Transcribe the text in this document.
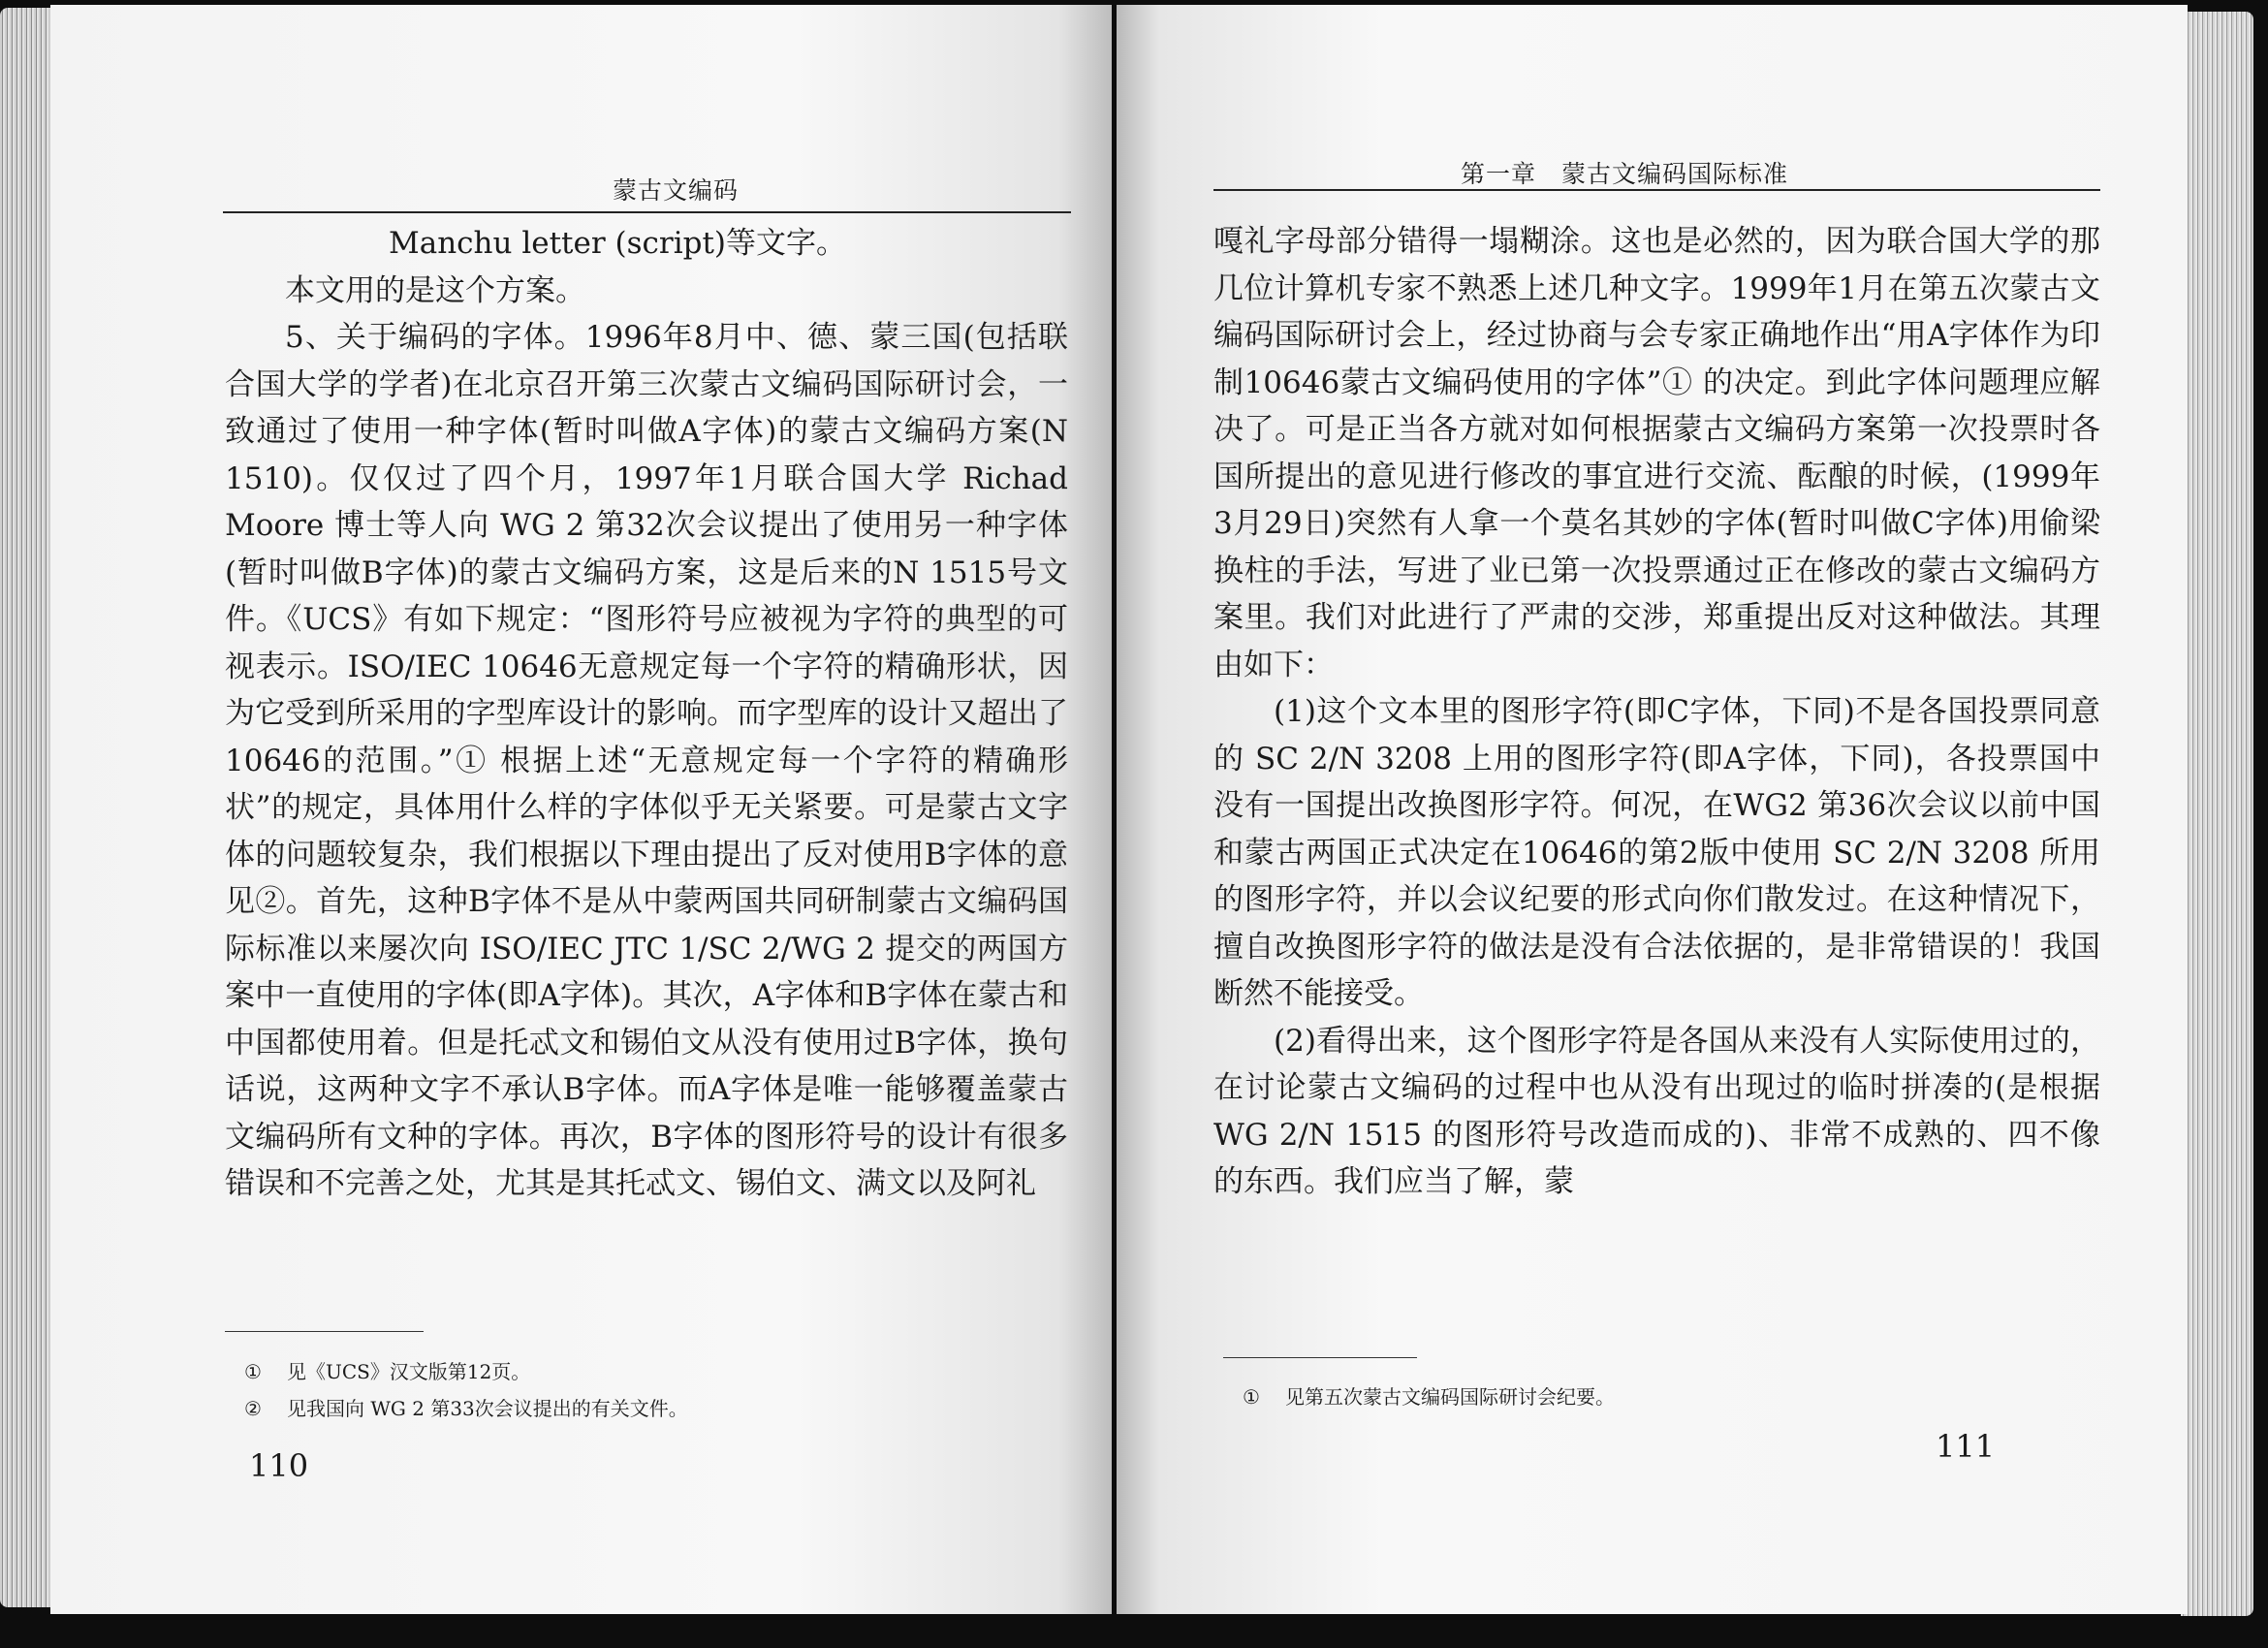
蒙古文编码

Manchu letter (script)等文字。

本文用的是这个方案。

5、关于编码的字体。1996年8月中、德、蒙三国(包括联合国大学的学者)在北京召开第三次蒙古文编码国际研讨会，一致通过了使用一种字体(暂时叫做A字体)的蒙古文编码方案(N 1510)。仅仅过了四个月，1997年1月联合国大学 Richad Moore 博士等人向 WG 2 第32次会议提出了使用另一种字体(暂时叫做B字体)的蒙古文编码方案，这是后来的N 1515号文件。《UCS》有如下规定：“图形符号应被视为字符的典型的可视表示。ISO/IEC 10646无意规定每一个字符的精确形状，因为它受到所采用的字型库设计的影响。而字型库的设计又超出了10646的范围。”① 根据上述“无意规定每一个字符的精确形状”的规定，具体用什么样的字体似乎无关紧要。可是蒙古文字体的问题较复杂，我们根据以下理由提出了反对使用B字体的意见②。首先，这种B字体不是从中蒙两国共同研制蒙古文编码国际标准以来屡次向 ISO/IEC JTC 1/SC 2/WG 2 提交的两国方案中一直使用的字体(即A字体)。其次，A字体和B字体在蒙古和中国都使用着。但是托忒文和锡伯文从没有使用过B字体，换句话说，这两种文字不承认B字体。而A字体是唯一能够覆盖蒙古文编码所有文种的字体。再次，B字体的图形符号的设计有很多错误和不完善之处，尤其是其托忒文、锡伯文、满文以及阿礼

① 见《UCS》汉文版第12页。
② 见我国向 WG 2 第33次会议提出的有关文件。
110
第一章　蒙古文编码国际标准

嘎礼字母部分错得一塌糊涂。这也是必然的，因为联合国大学的那几位计算机专家不熟悉上述几种文字。1999年1月在第五次蒙古文编码国际研讨会上，经过协商与会专家正确地作出“用A字体作为印制10646蒙古文编码使用的字体”① 的决定。到此字体问题理应解决了。可是正当各方就对如何根据蒙古文编码方案第一次投票时各国所提出的意见进行修改的事宜进行交流、酝酿的时候，(1999年3月29日)突然有人拿一个莫名其妙的字体(暂时叫做C字体)用偷梁换柱的手法，写进了业已第一次投票通过正在修改的蒙古文编码方案里。我们对此进行了严肃的交涉，郑重提出反对这种做法。其理由如下：

(1)这个文本里的图形字符(即C字体，下同)不是各国投票同意的 SC 2/N 3208 上用的图形字符(即A字体，下同)，各投票国中没有一国提出改换图形字符。何况，在WG2 第36次会议以前中国和蒙古两国正式决定在10646的第2版中使用 SC 2/N 3208 所用的图形字符，并以会议纪要的形式向你们散发过。在这种情况下，擅自改换图形字符的做法是没有合法依据的，是非常错误的！我国断然不能接受。

(2)看得出来，这个图形字符是各国从来没有人实际使用过的，在讨论蒙古文编码的过程中也从没有出现过的临时拼凑的(是根据 WG 2/N 1515 的图形符号改造而成的)、非常不成熟的、四不像的东西。我们应当了解，蒙

① 见第五次蒙古文编码国际研讨会纪要。
111
